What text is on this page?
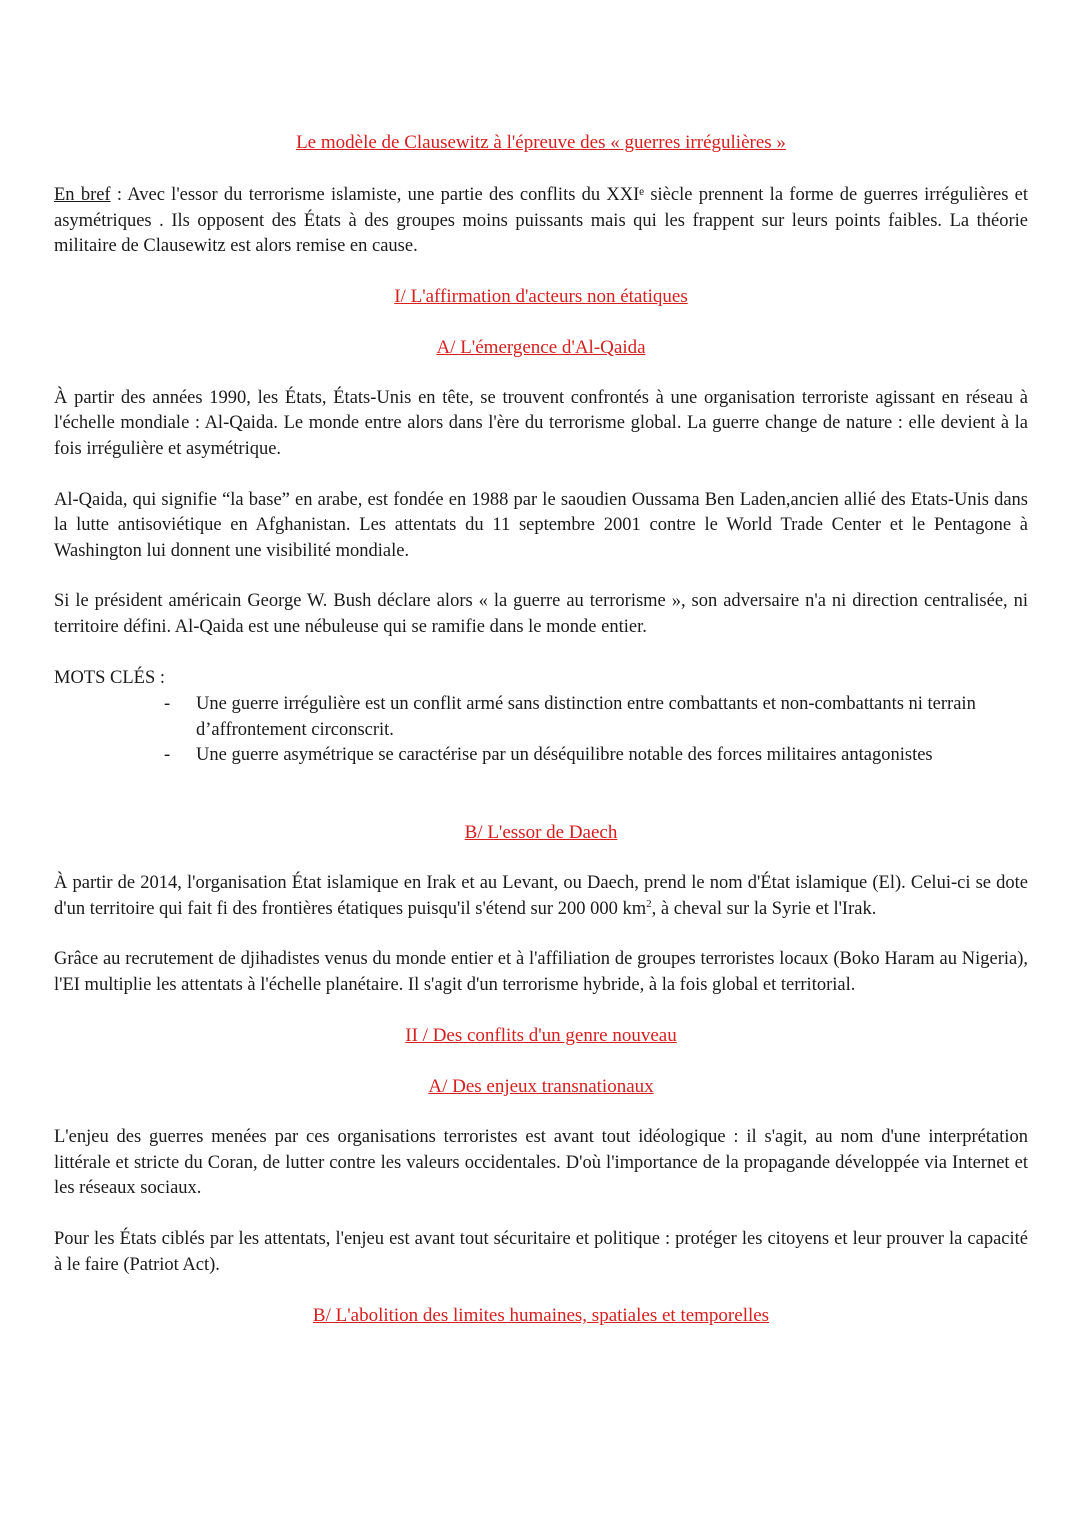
Le modèle de Clausewitz à l'épreuve des « guerres irrégulières »

En bref : Avec l'essor du terrorisme islamiste, une partie des conflits du XXIᵉ siècle prennent la forme de guerres irrégulières et asymétriques . Ils opposent des États à des groupes moins puissants mais qui les frappent sur leurs points faibles. La théorie militaire de Clausewitz est alors remise en cause.

I/ L'affirmation d'acteurs non étatiques

A/ L'émergence d'Al-Qaida

À partir des années 1990, les États, États-Unis en tête, se trouvent confrontés à une organisation terroriste agissant en réseau à l'échelle mondiale : Al-Qaida. Le monde entre alors dans l'ère du terrorisme global. La guerre change de nature : elle devient à la fois irrégulière et asymétrique.

Al-Qaida, qui signifie “la base” en arabe, est fondée en 1988 par le saoudien Oussama Ben Laden,ancien allié des Etats-Unis dans la lutte antisoviétique en Afghanistan. Les attentats du 11 septembre 2001 contre le World Trade Center et le Pentagone à Washington lui donnent une visibilité mondiale.

Si le président américain George W. Bush déclare alors « la guerre au terrorisme », son adversaire n'a ni direction centralisée, ni territoire défini. Al-Qaida est une nébuleuse qui se ramifie dans le monde entier.

MOTS CLÉS :

- Une guerre irrégulière est un conflit armé sans distinction entre combattants et non-combattants ni terrain d’affrontement circonscrit.
- Une guerre asymétrique se caractérise par un déséquilibre notable des forces militaires antagonistes

B/ L'essor de Daech

À partir de 2014, l'organisation État islamique en Irak et au Levant, ou Daech, prend le nom d'État islamique (El). Celui-ci se dote d'un territoire qui fait fi des frontières étatiques puisqu'il s'étend sur 200 000 $km^2$, à cheval sur la Syrie et l'Irak.

Grâce au recrutement de djihadistes venus du monde entier et à l'affiliation de groupes terroristes locaux (Boko Haram au Nigeria), l'EI multiplie les attentats à l'échelle planétaire. Il s'agit d'un terrorisme hybride, à la fois global et territorial.

II / Des conflits d'un genre nouveau

A/ Des enjeux transnationaux

L'enjeu des guerres menées par ces organisations terroristes est avant tout idéologique : il s'agit, au nom d'une interprétation littérale et stricte du Coran, de lutter contre les valeurs occidentales. D'où l'importance de la propagande développée via Internet et les réseaux sociaux.

Pour les États ciblés par les attentats, l'enjeu est avant tout sécuritaire et politique : protéger les citoyens et leur prouver la capacité à le faire (Patriot Act).

B/ L'abolition des limites humaines, spatiales et temporelles
